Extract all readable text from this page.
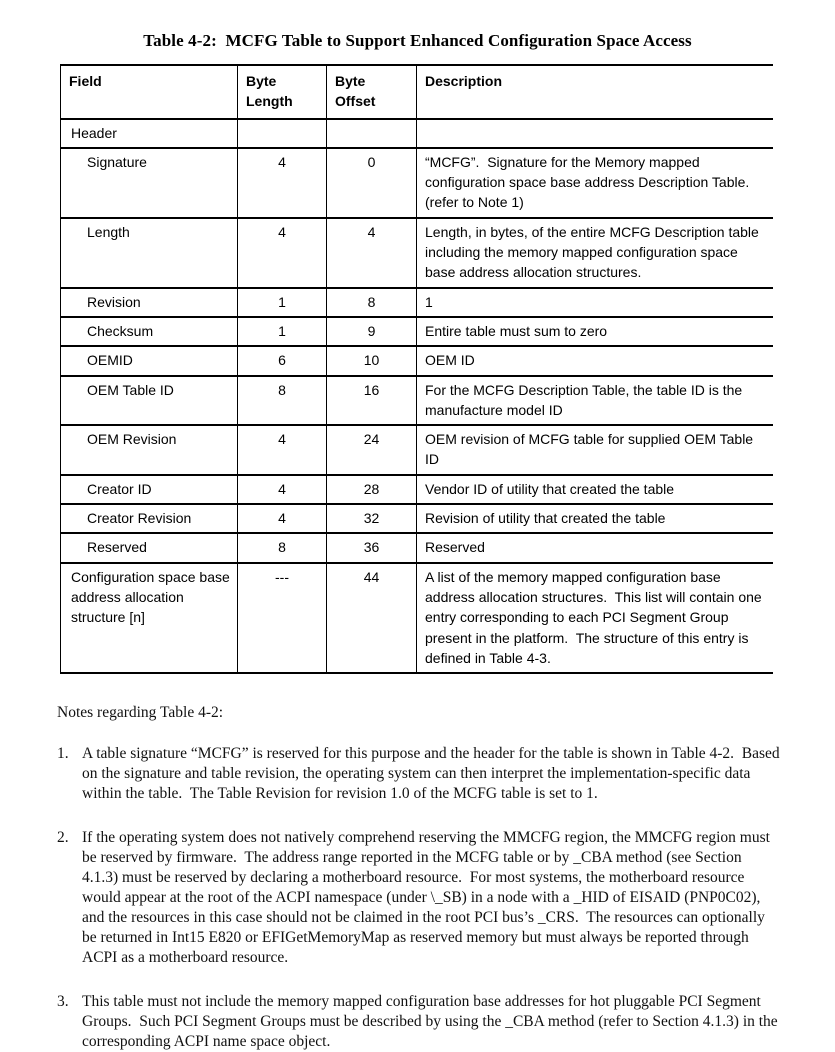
Table 4-2:  MCFG Table to Support Enhanced Configuration Space Access
Field	Byte Length	Byte Offset	Description
Header			
Signature	4	0	“MCFG”.  Signature for the Memory mapped configuration space base address Description Table.  (refer to Note 1)
Length	4	4	Length, in bytes, of the entire MCFG Description table including the memory mapped configuration space base address allocation structures.
Revision	1	8	1
Checksum	1	9	Entire table must sum to zero
OEMID	6	10	OEM ID
OEM Table ID	8	16	For the MCFG Description Table, the table ID is the manufacture model ID
OEM Revision	4	24	OEM revision of MCFG table for supplied OEM Table ID
Creator ID	4	28	Vendor ID of utility that created the table
Creator Revision	4	32	Revision of utility that created the table
Reserved	8	36	Reserved
Configuration space base address allocation structure [n]	---	44	A list of the memory mapped configuration base address allocation structures.  This list will contain one entry corresponding to each PCI Segment Group present in the platform.  The structure of this entry is defined in Table 4-3.
Notes regarding Table 4-2:
1. A table signature “MCFG” is reserved for this purpose and the header for the table is shown in Table 4-2.  Based on the signature and table revision, the operating system can then interpret the implementation-specific data within the table.  The Table Revision for revision 1.0 of the MCFG table is set to 1.
2. If the operating system does not natively comprehend reserving the MMCFG region, the MMCFG region must be reserved by firmware.  The address range reported in the MCFG table or by _CBA method (see Section 4.1.3) must be reserved by declaring a motherboard resource.  For most systems, the motherboard resource would appear at the root of the ACPI namespace (under \_SB) in a node with a _HID of EISAID (PNP0C02), and the resources in this case should not be claimed in the root PCI bus’s _CRS.  The resources can optionally be returned in Int15 E820 or EFIGetMemoryMap as reserved memory but must always be reported through ACPI as a motherboard resource.
3. This table must not include the memory mapped configuration base addresses for hot pluggable PCI Segment Groups.  Such PCI Segment Groups must be described by using the _CBA method (refer to Section 4.1.3) in the corresponding ACPI name space object.
